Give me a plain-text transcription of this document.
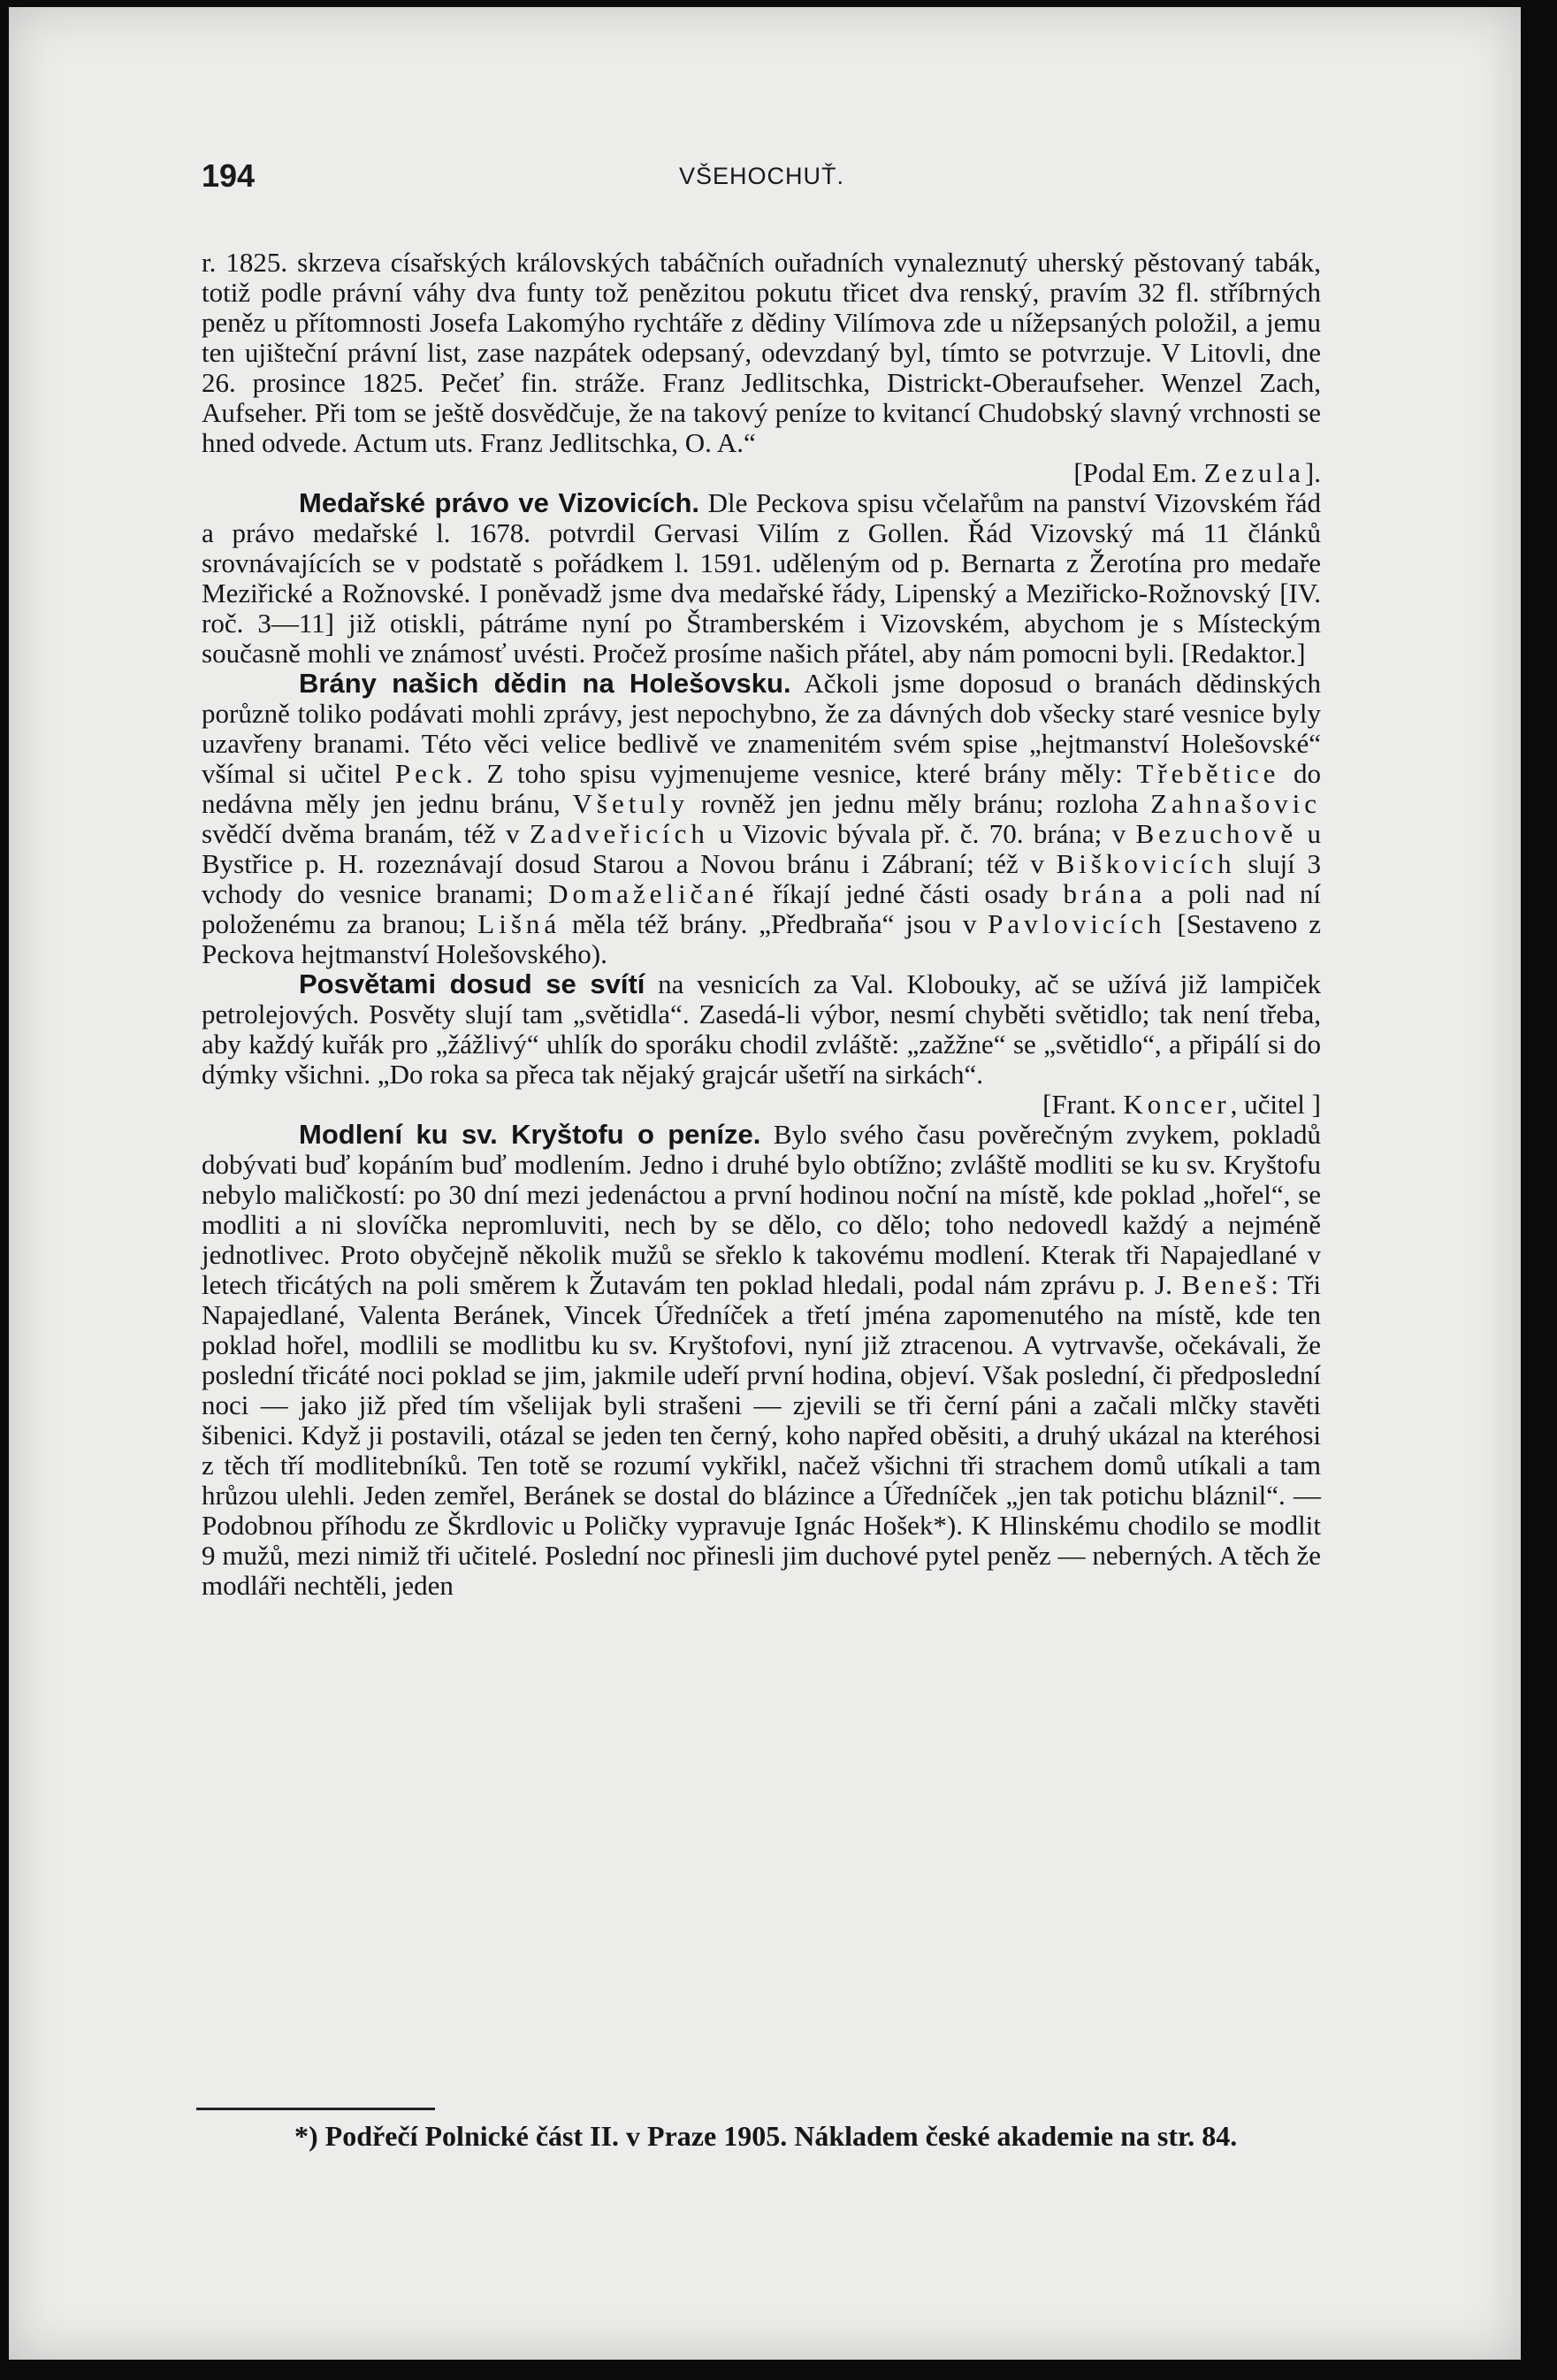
194	VŠEHOCHUŤ.

r. 1825. skrzeva císařských královských tabáčních ouřadních vynaleznutý uherský pěstovaný tabák, totiž podle právní váhy dva funty tož penězitou pokutu třicet dva renský, pravím 32 fl. stříbrných peněz u přítomnosti Josefa Lakomýho rychtáře z dědiny Vilímova zde u nížepsaných položil, a jemu ten ujišteční právní list, zase nazpátek odepsaný, odevzdaný byl, tímto se potvrzuje. V Litovli, dne 26. prosince 1825. Pečeť fin. stráže. Franz Jedlitschka, Districkt-Oberaufseher. Wenzel Zach, Aufseher. Při tom se ještě dosvědčuje, že na takový peníze to kvitancí Chudobský slavný vrchnosti se hned odvede. Actum uts. Franz Jedlitschka, O. A.“

[Podal Em. Zezula].

Medařské právo ve Vizovicích. Dle Peckova spisu včelařům na panství Vizovském řád a právo medařské l. 1678. potvrdil Gervasi Vilím z Gollen. Řád Vizovský má 11 článků srovnávajících se v podstatě s pořádkem l. 1591. uděleným od p. Bernarta z Žerotína pro medaře Meziřické a Rožnovské. I poněvadž jsme dva medařské řády, Lipenský a Meziřicko-Rožnovský [IV. roč. 3—11] již otiskli, pátráme nyní po Štramberském i Vizovském, abychom je s Místeckým současně mohli ve známosť uvésti. Pročež prosíme našich přátel, aby nám pomocni byli. [Redaktor.]

Brány našich dědin na Holešovsku. Ačkoli jsme doposud o branách dědinských porůzně toliko podávati mohli zprávy, jest nepochybno, že za dávných dob všecky staré vesnice byly uzavřeny branami. Této věci velice bedlivě ve znamenitém svém spise „hejtmanství Holešovské“ všímal si učitel Peck. Z toho spisu vyjmenujeme vesnice, které brány měly: Třebětice do nedávna měly jen jednu bránu, Všetuly rovněž jen jednu měly bránu; rozloha Zahnašovic svědčí dvěma branám, též v Zadveřicích u Vizovic bývala př. č. 70. brána; v Bezuchově u Bystřice p. H. rozeznávají dosud Starou a Novou bránu i Zábraní; též v Biškovicích slují 3 vchody do vesnice branami; Domaželičané říkají jedné části osady brána a poli nad ní položenému za branou; Lišná měla též brány. „Předbraňa“ jsou v Pavlovicích [Sestaveno z Peckova hejtmanství Holešovského).

Posvětami dosud se svítí na vesnicích za Val. Klobouky, ač se užívá již lampiček petrolejových. Posvěty slují tam „světidla“. Zasedá-li výbor, nesmí chyběti světidlo; tak není třeba, aby každý kuřák pro „žážlivý“ uhlík do sporáku chodil zvláště: „zažžne“ se „světidlo“, a připálí si do dýmky všichni. „Do roka sa přeca tak nějaký grajcár ušetří na sirkách“.

[Frant. Koncer, učitel ]

Modlení ku sv. Kryštofu o peníze. Bylo svého času pověrečným zvykem, pokladů dobývati buď kopáním buď modlením. Jedno i druhé bylo obtížno; zvláště modliti se ku sv. Kryštofu nebylo maličkostí: po 30 dní mezi jedenáctou a první hodinou noční na místě, kde poklad „hořel“, se modliti a ni slovíčka nepromluviti, nech by se dělo, co dělo; toho nedovedl každý a nejméně jednotlivec. Proto obyčejně několik mužů se sřeklo k takovému modlení. Kterak tři Napajedlané v letech třicátých na poli směrem k Žutavám ten poklad hledali, podal nám zprávu p. J. Beneš: Tři Napajedlané, Valenta Beránek, Vincek Úředníček a třetí jména zapomenutého na místě, kde ten poklad hořel, modlili se modlitbu ku sv. Kryštofovi, nyní již ztracenou. A vytrvavše, očekávali, že poslední třicáté noci poklad se jim, jakmile udeří první hodina, objeví. Však poslední, či předposlední noci — jako již před tím všelijak byli strašeni — zjevili se tři černí páni a začali mlčky stavěti šibenici. Když ji postavili, otázal se jeden ten černý, koho napřed oběsiti, a druhý ukázal na kteréhosi z těch tří modlitebníků. Ten totě se rozumí vykřikl, načež všichni tři strachem domů utíkali a tam hrůzou ulehli. Jeden zemřel, Beránek se dostal do blázince a Úředníček „jen tak potichu bláznil“. — Podobnou příhodu ze Škrdlovic u Poličky vypravuje Ignác Hošek*). K Hlinskému chodilo se modlit 9 mužů, mezi nimiž tři učitelé. Poslední noc přinesli jim duchové pytel peněz — neberných. A těch že modláři nechtěli, jeden

*) Podřečí Polnické část II. v Praze 1905. Nákladem české akademie na str. 84.
